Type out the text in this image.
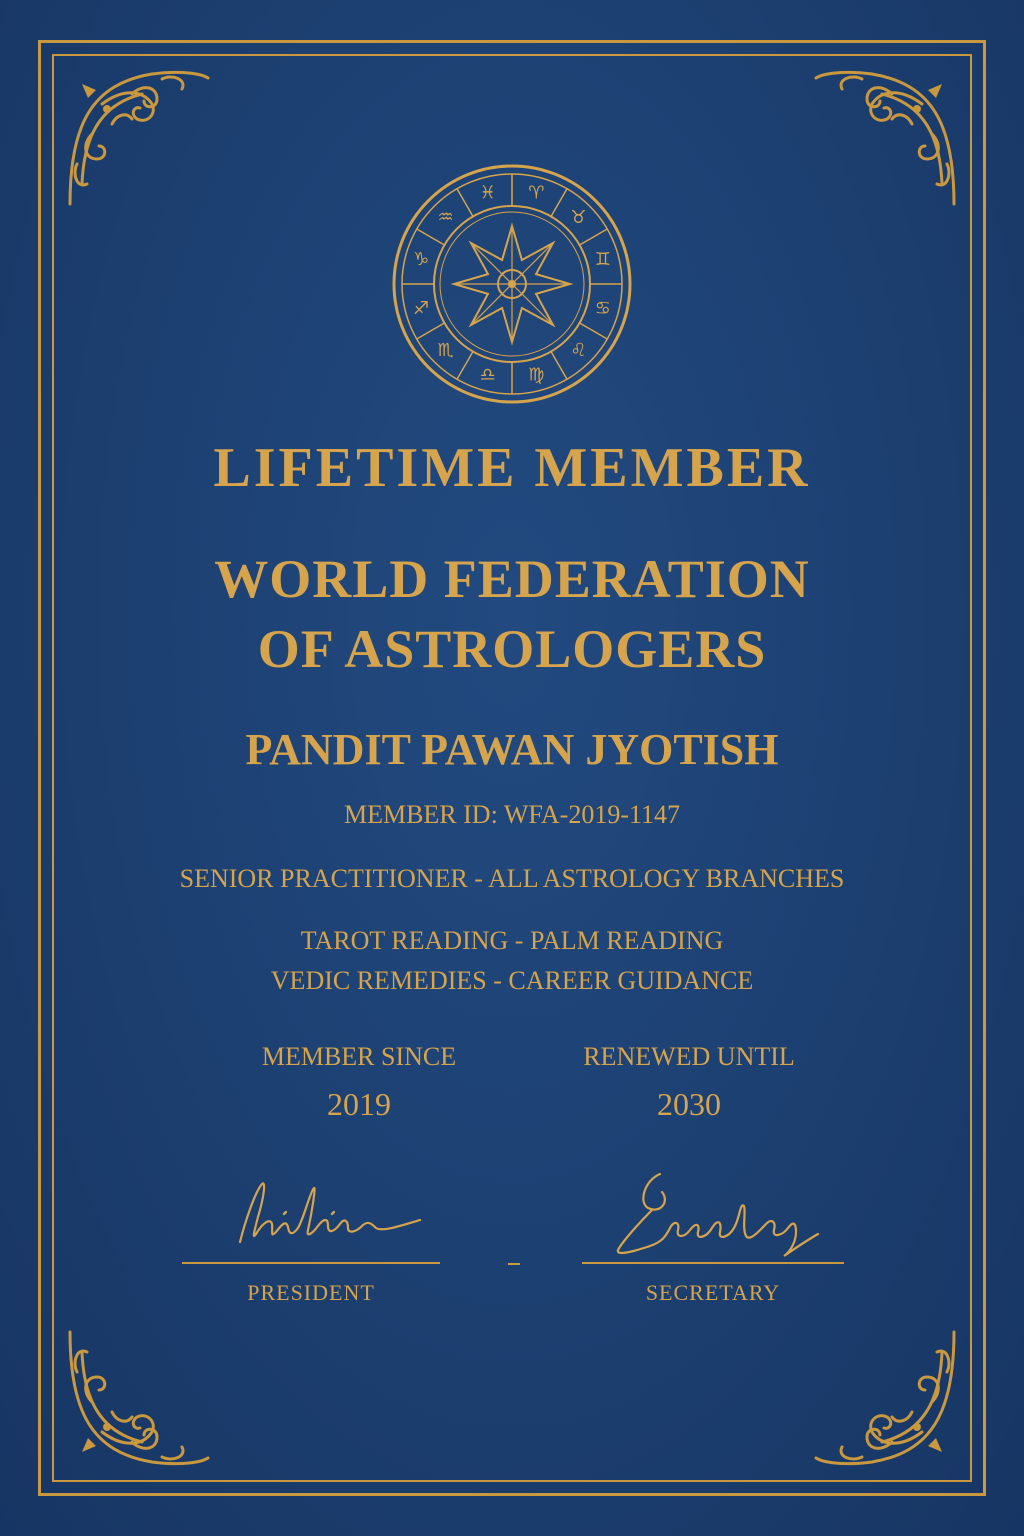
♈
♉
♊
♋
♌
♍
♎
♏
♐
♑
♒
♓
LIFETIME MEMBER
WORLD FEDERATION
OF ASTROLOGERS
PANDIT PAWAN JYOTISH
MEMBER ID: WFA-2019-1147
SENIOR PRACTITIONER - ALL ASTROLOGY BRANCHES
TAROT READING - PALM READING
VEDIC REMEDIES - CAREER GUIDANCE
MEMBER SINCE
2019
RENEWED UNTIL
2030
PRESIDENT	SECRETARY
